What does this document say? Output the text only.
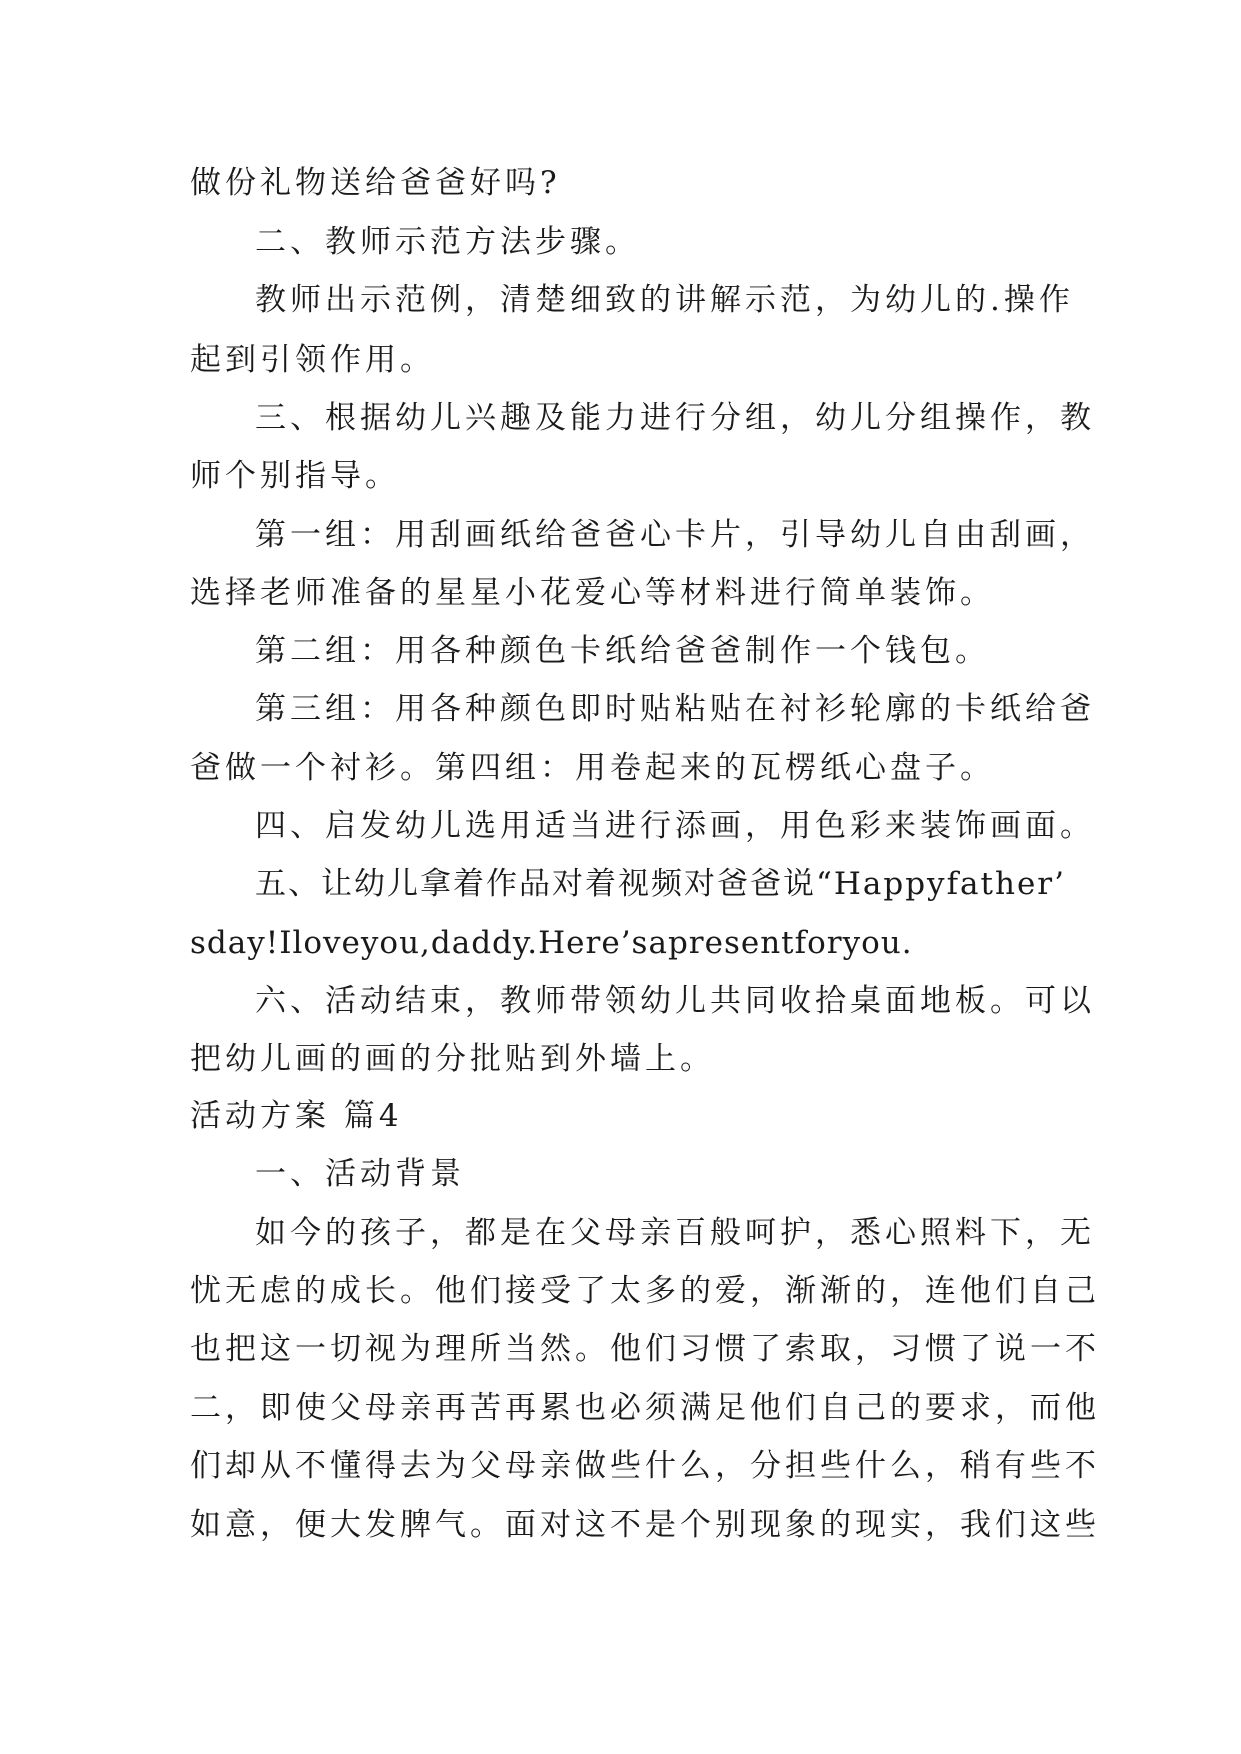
做份礼物送给爸爸好吗?
二、教师示范方法步骤。
教师出示范例，清楚细致的讲解示范，为幼儿的.操作
起到引领作用。
三、根据幼儿兴趣及能力进行分组，幼儿分组操作，教
师个别指导。
第一组：用刮画纸给爸爸心卡片，引导幼儿自由刮画，
选择老师准备的星星小花爱心等材料进行简单装饰。
第二组：用各种颜色卡纸给爸爸制作一个钱包。
第三组：用各种颜色即时贴粘贴在衬衫轮廓的卡纸给爸
爸做一个衬衫。第四组：用卷起来的瓦楞纸心盘子。
四、启发幼儿选用适当进行添画，用色彩来装饰画面。
五、让幼儿拿着作品对着视频对爸爸说“Happyfather’
sday!Iloveyou,daddy.Here’sapresentforyou.
六、活动结束，教师带领幼儿共同收拾桌面地板。可以
把幼儿画的画的分批贴到外墙上。
活动方案 篇4
一、活动背景
如今的孩子，都是在父母亲百般呵护，悉心照料下，无
忧无虑的成长。他们接受了太多的爱，渐渐的，连他们自己
也把这一切视为理所当然。他们习惯了索取，习惯了说一不
二，即使父母亲再苦再累也必须满足他们自己的要求，而他
们却从不懂得去为父母亲做些什么，分担些什么，稍有些不
如意，便大发脾气。面对这不是个别现象的现实，我们这些
